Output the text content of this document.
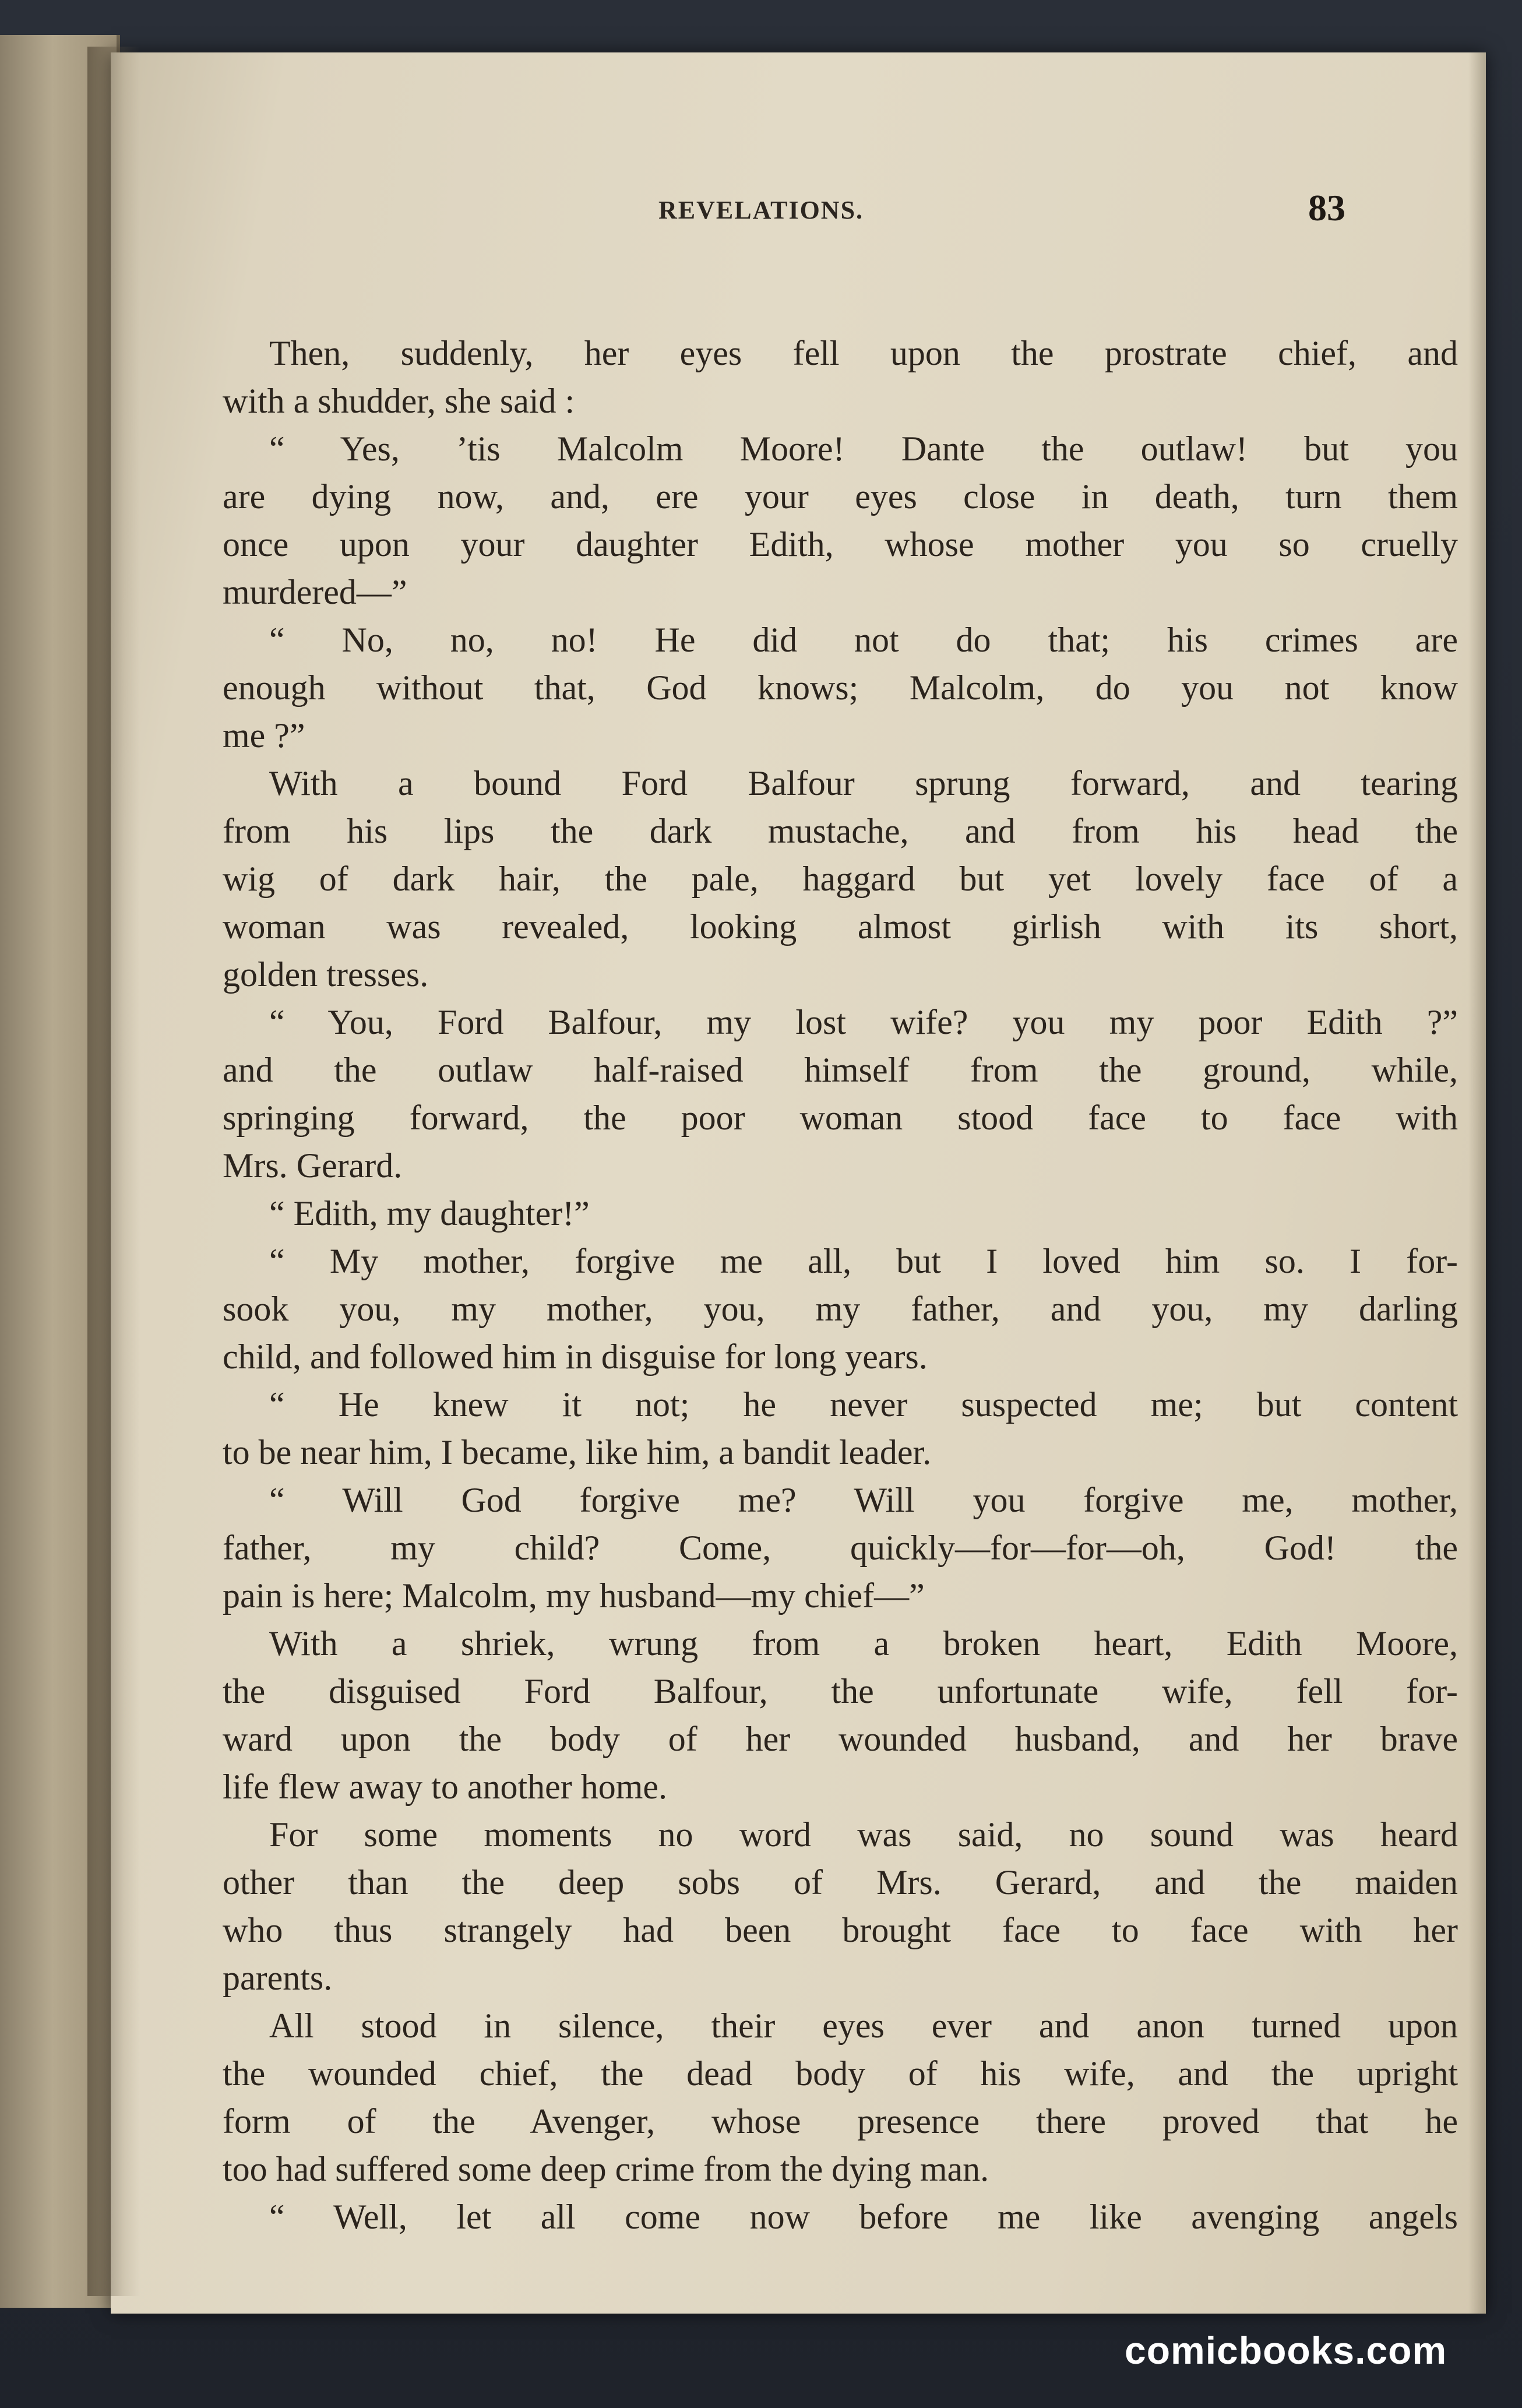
REVELATIONS.	83
Then, suddenly, her eyes fell upon the prostrate chief, and
with a shudder, she said :
“ Yes, ’tis Malcolm Moore! Dante the outlaw! but you
are dying now, and, ere your eyes close in death, turn them
once upon your daughter Edith, whose mother you so cruelly
murdered—”
“ No, no, no! He did not do that; his crimes are
enough without that, God knows; Malcolm, do you not know
me ?”
With a bound Ford Balfour sprung forward, and tearing
from his lips the dark mustache, and from his head the
wig of dark hair, the pale, haggard but yet lovely face of a
woman was revealed, looking almost girlish with its short,
golden tresses.
“ You, Ford Balfour, my lost wife? you my poor Edith ?”
and the outlaw half-raised himself from the ground, while,
springing forward, the poor woman stood face to face with
Mrs. Gerard.
“ Edith, my daughter!”
“ My mother, forgive me all, but I loved him so. I for-
sook you, my mother, you, my father, and you, my darling
child, and followed him in disguise for long years.
“ He knew it not; he never suspected me; but content
to be near him, I became, like him, a bandit leader.
“ Will God forgive me? Will you forgive me, mother,
father, my child? Come, quickly—for—for—oh, God! the
pain is here; Malcolm, my husband—my chief—”
With a shriek, wrung from a broken heart, Edith Moore,
the disguised Ford Balfour, the unfortunate wife, fell for-
ward upon the body of her wounded husband, and her brave
life flew away to another home.
For some moments no word was said, no sound was heard
other than the deep sobs of Mrs. Gerard, and the maiden
who thus strangely had been brought face to face with her
parents.
All stood in silence, their eyes ever and anon turned upon
the wounded chief, the dead body of his wife, and the upright
form of the Avenger, whose presence there proved that he
too had suffered some deep crime from the dying man.
“ Well, let all come now before me like avenging angels
comicbooks.com
